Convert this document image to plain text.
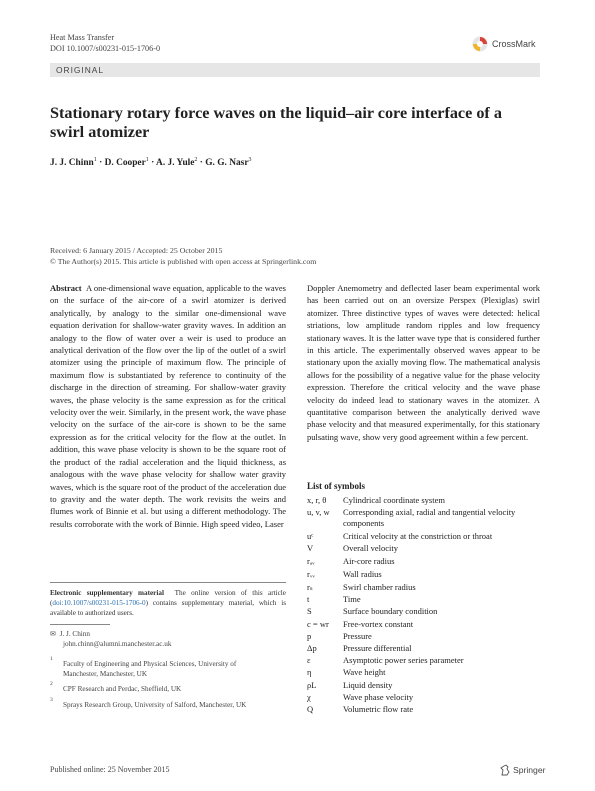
Heat Mass Transfer
DOI 10.1007/s00231-015-1706-0	CrossMark
ORIGINAL
Stationary rotary force waves on the liquid–air core interface of a swirl atomizer
J. J. Chinn$^1$ · D. Cooper$^1$ · A. J. Yule$^2$ · G. G. Nasr$^3$
Received: 6 January 2015 / Accepted: 25 October 2015
© The Author(s) 2015. This article is published with open access at Springerlink.com
Abstract A one-dimensional wave equation, applicable to the waves on the surface of the air-core of a swirl atomizer is derived analytically, by analogy to the similar one-dimensional wave equation derivation for shallow-water gravity waves. In addition an analogy to the flow of water over a weir is used to produce an analytical derivation of the flow over the lip of the outlet of a swirl atomizer using the principle of maximum flow. The principle of maximum flow is substantiated by reference to continuity of the discharge in the direction of streaming. For shallow-water gravity waves, the phase velocity is the same expression as for the critical velocity over the weir. Similarly, in the present work, the wave phase velocity on the surface of the air-core is shown to be the same expression as for the critical velocity for the flow at the outlet. In addition, this wave phase velocity is shown to be the square root of the product of the radial acceleration and the liquid thickness, as analogous with the wave phase velocity for shallow water gravity waves, which is the square root of the product of the acceleration due to gravity and the water depth. The work revisits the weirs and flumes work of Binnie et al. but using a different methodology. The results corroborate with the work of Binnie. High speed video, Laser
Doppler Anemometry and deflected laser beam experimental work has been carried out on an oversize Perspex (Plexiglas) swirl atomizer. Three distinctive types of waves were detected: helical striations, low amplitude random ripples and low frequency stationary waves. It is the latter wave type that is considered further in this article. The experimentally observed waves appear to be stationary upon the axially moving flow. The mathematical analysis allows for the possibility of a negative value for the phase velocity expression. Therefore the critical velocity and the wave phase velocity do indeed lead to stationary waves in the atomizer. A quantitative comparison between the analytically derived wave phase velocity and that measured experimentally, for this stationary pulsating wave, show very good agreement within a few percent.
Electronic supplementary material The online version of this article (doi:10.1007/s00231-015-1706-0) contains supplementary material, which is available to authorized users.
✉ J. J. Chinn
john.chinn@alumni.manchester.ac.uk
1
Faculty of Engineering and Physical Sciences, University of Manchester, Manchester, UK
2
CPF Research and Perdac, Sheffield, UK
3
Sprays Research Group, University of Salford, Manchester, UK
List of symbols
x, r, θ	Cylindrical coordinate system
u, v, w	Corresponding axial, radial and tangential velocity components
uᶜ	Critical velocity at the constriction or throat
V	Overall velocity
rₐᵥ	Air-core radius
rᵥᵥ	Wall radius
rₛ	Swirl chamber radius
t	Time
S	Surface boundary condition
c = wr	Free-vortex constant
p	Pressure
Δp	Pressure differential
ε	Asymptotic power series parameter
η	Wave height
ρL	Liquid density
χ	Wave phase velocity
Q	Volumetric flow rate
Published online: 25 November 2015	Springer
